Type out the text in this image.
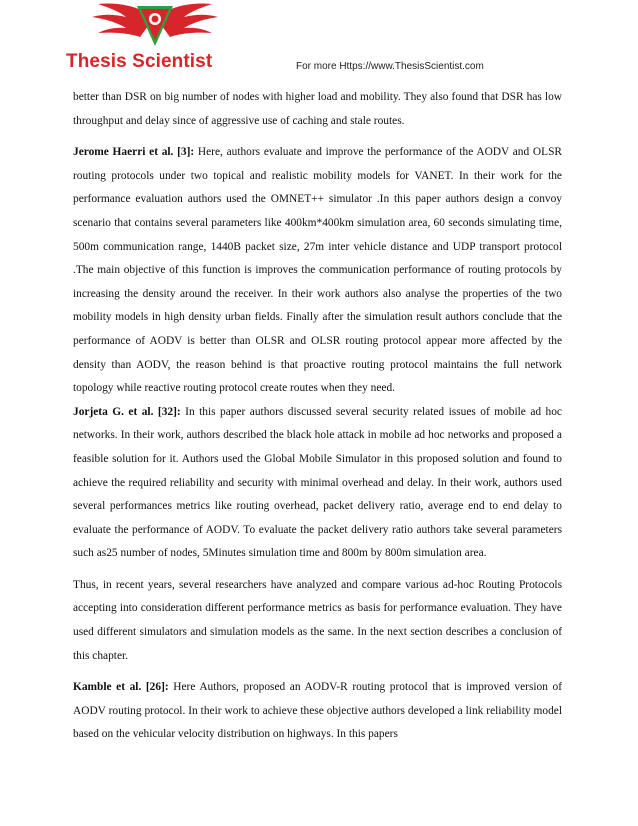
Thesis Scientist	For more Https://www.ThesisScientist.com

better than DSR on big number of nodes with higher load and mobility. They also found that DSR has low throughput and delay since of aggressive use of caching and stale routes.

Jerome Haerri et al. [3]: Here, authors evaluate and improve the performance of the AODV and OLSR routing protocols under two topical and realistic mobility models for VANET. In their work for the performance evaluation authors used the OMNET++ simulator .In this paper authors design a convoy scenario that contains several parameters like 400km*400km simulation area, 60 seconds simulating time, 500m communication range, 1440B packet size, 27m inter vehicle distance and UDP transport protocol .The main objective of this function is improves the communication performance of routing protocols by increasing the density around the receiver. In their work authors also analyse the properties of the two mobility models in high density urban fields. Finally after the simulation result authors conclude that the performance of AODV is better than OLSR and OLSR routing protocol appear more affected by the density than AODV, the reason behind is that proactive routing protocol maintains the full network topology while reactive routing protocol create routes when they need.

Jorjeta G. et al. [32]: In this paper authors discussed several security related issues of mobile ad hoc networks. In their work, authors described the black hole attack in mobile ad hoc networks and proposed a feasible solution for it. Authors used the Global Mobile Simulator in this proposed solution and found to achieve the required reliability and security with minimal overhead and delay. In their work, authors used several performances metrics like routing overhead, packet delivery ratio, average end to end delay to evaluate the performance of AODV. To evaluate the packet delivery ratio authors take several parameters such as25 number of nodes, 5Minutes simulation time and 800m by 800m simulation area.

Thus, in recent years, several researchers have analyzed and compare various ad-hoc Routing Protocols accepting into consideration different performance metrics as basis for performance evaluation. They have used different simulators and simulation models as the same. In the next section describes a conclusion of this chapter.

Kamble et al. [26]: Here Authors, proposed an AODV-R routing protocol that is improved version of AODV routing protocol. In their work to achieve these objective authors developed a link reliability model based on the vehicular velocity distribution on highways. In this papers
